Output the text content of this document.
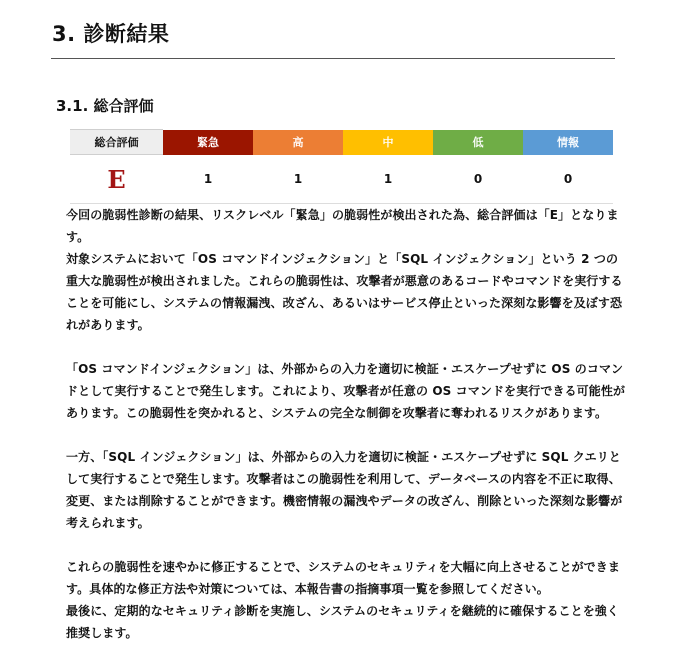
3. 診断結果
3.1. 総合評価
総合評価	緊急	高	中	低	情報
E	1	1	1	0	0

今回の脆弱性診断の結果、リスクレベル「緊急」の脆弱性が検出された為、総合評価は「E」となります。

対象システムにおいて「OS コマンドインジェクション」と「SQL インジェクション」という 2 つの重大な脆弱性が検出されました。これらの脆弱性は、攻撃者が悪意のあるコードやコマンドを実行することを可能にし、システムの情報漏洩、改ざん、あるいはサービス停止といった深刻な影響を及ぼす恐れがあります。

「OS コマンドインジェクション」は、外部からの入力を適切に検証・エスケープせずに OS のコマンドとして実行することで発生します。これにより、攻撃者が任意の OS コマンドを実行できる可能性があります。この脆弱性を突かれると、システムの完全な制御を攻撃者に奪われるリスクがあります。

一方、「SQL インジェクション」は、外部からの入力を適切に検証・エスケープせずに SQL クエリとして実行することで発生します。攻撃者はこの脆弱性を利用して、データベースの内容を不正に取得、変更、または削除することができます。機密情報の漏洩やデータの改ざん、削除といった深刻な影響が考えられます。

これらの脆弱性を速やかに修正することで、システムのセキュリティを大幅に向上させることができます。具体的な修正方法や対策については、本報告書の指摘事項一覧を参照してください。

最後に、定期的なセキュリティ診断を実施し、システムのセキュリティを継続的に確保することを強く推奨します。
